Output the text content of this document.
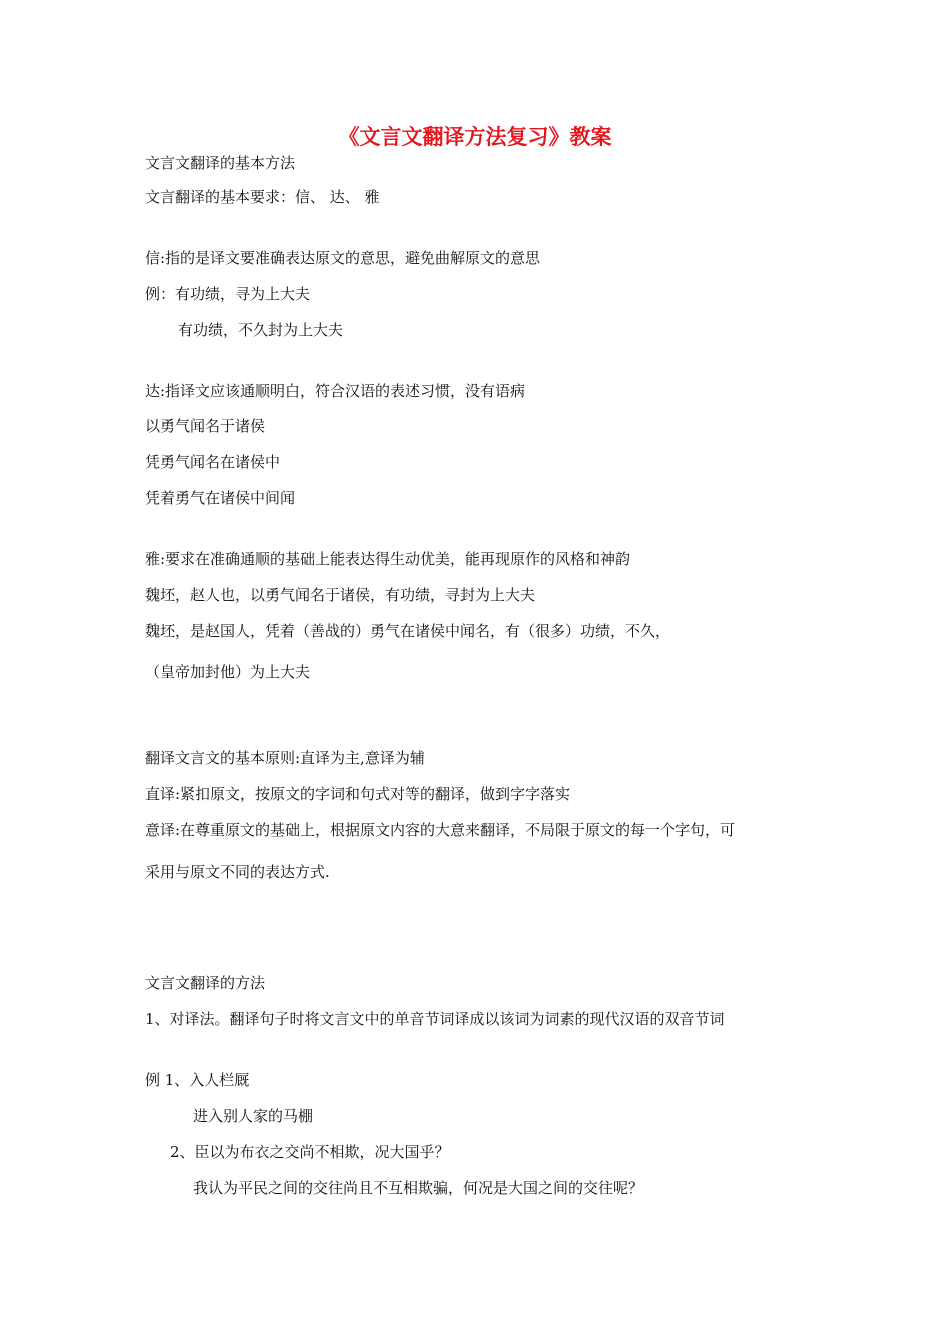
《文言文翻译方法复习》教案
文言文翻译的基本方法
文言翻译的基本要求：信、 达、 雅
信:指的是译文要准确表达原文的意思，避免曲解原文的意思
例：有功绩，寻为上大夫
有功绩，不久封为上大夫
达:指译文应该通顺明白，符合汉语的表述习惯，没有语病
以勇气闻名于诸侯
凭勇气闻名在诸侯中
凭着勇气在诸侯中间闻
雅:要求在准确通顺的基础上能表达得生动优美，能再现原作的风格和神韵
魏坯，赵人也，以勇气闻名于诸侯，有功绩，寻封为上大夫
魏坯，是赵国人，凭着（善战的）勇气在诸侯中闻名，有（很多）功绩，不久，
（皇帝加封他）为上大夫
翻译文言文的基本原则:直译为主,意译为辅
直译:紧扣原文，按原文的字词和句式对等的翻译，做到字字落实
意译:在尊重原文的基础上，根据原文内容的大意来翻译，不局限于原文的每一个字句，可
采用与原文不同的表达方式.
文言文翻译的方法
1、对译法。翻译句子时将文言文中的单音节词译成以该词为词素的现代汉语的双音节词
例 1、入人栏厩
进入别人家的马棚
2、臣以为布衣之交尚不相欺，况大国乎？
我认为平民之间的交往尚且不互相欺骗，何况是大国之间的交往呢？
